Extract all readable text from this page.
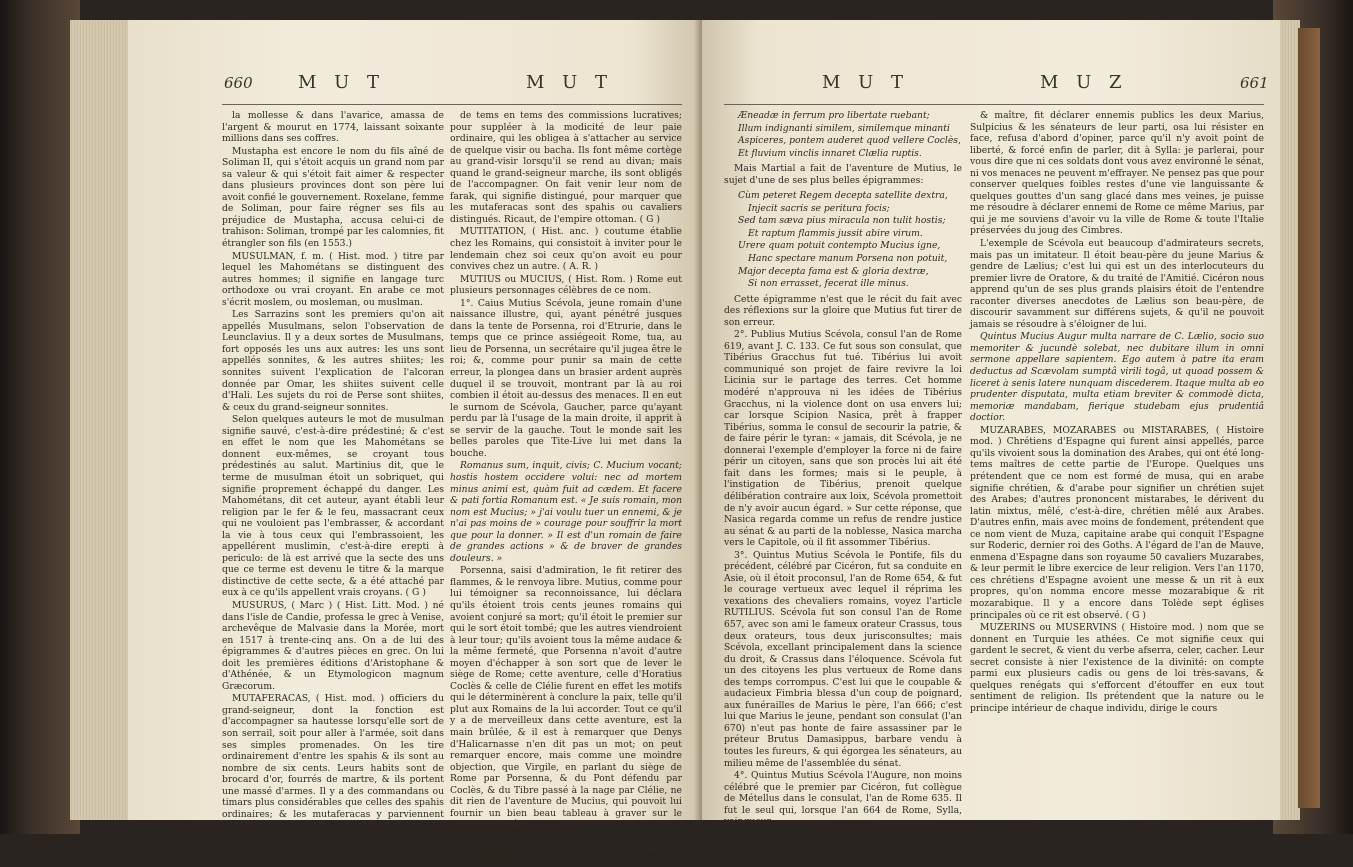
660	M U T	M U T

la mollesse & dans l'avarice, amassa de l'argent & mourut en 1774, laissant soixante millions dans ses coffres.

Mustapha est encore le nom du fils aîné de Soliman II, qui s'étoit acquis un grand nom par sa valeur & qui s'étoit fait aimer & respecter dans plusieurs provinces dont son père lui avoit confié le gouvernement. Roxelane, femme de Soliman, pour faire régner ses fils au préjudice de Mustapha, accusa celui-ci de trahison: Soliman, trompé par les calomnies, fit étrangler son fils (en 1553.)

MUSULMAN, f. m. ( Hist. mod. ) titre par lequel les Mahométans se distinguent des autres hommes; il signifie en langage turc orthodoxe ou vrai croyant. En arabe ce mot s'écrit moslem, ou mosleman, ou muslman.

Les Sarrazins sont les premiers qu'on ait appellés Musulmans, selon l'observation de Leunclavius. Il y a deux sortes de Musulmans, fort opposés les uns aux autres: les uns sont appellés sonnites, & les autres shiites; les sonnites suivent l'explication de l'alcoran donnée par Omar, les shiites suivent celle d'Hali. Les sujets du roi de Perse sont shiites, & ceux du grand-seigneur sonnites.

Selon quelques auteurs le mot de musulman signifie sauvé, c'est-à-dire prédestiné; & c'est en effet le nom que les Mahométans se donnent eux-mêmes, se croyant tous prédestinés au salut. Martinius dit, que le terme de musulman étoit un sobriquet, qui signifie proprement échappé du danger. Les Mahométans, dit cet auteur, ayant établi leur religion par le fer & le feu, massacrant ceux qui ne vouloient pas l'embrasser, & accordant la vie à tous ceux qui l'embrassoient, les appellérent muslimin, c'est-à-dire erepti à periculo: de là est arrivé que la secte des uns que ce terme est devenu le titre & la marque distinctive de cette secte, & a été attaché par eux à ce qu'ils appellent vrais croyans. ( G )

MUSURUS, ( Marc ) ( Hist. Litt. Mod. ) né dans l'isle de Candie, professa le grec à Venise, archevêque de Malvasie dans la Morée, mort en 1517 à trente-cinq ans. On a de lui des épigrammes & d'autres pièces en grec. On lui doit les premières éditions d'Aristophane & d'Athénée, & un Etymologicon magnum Græcorum.

MUTAFERACAS, ( Hist. mod. ) officiers du grand-seigneur, dont la fonction est d'accompagner sa hautesse lorsqu'elle sort de son serrail, soit pour aller à l'armée, soit dans ses simples promenades. On les tire ordinairement d'entre les spahis & ils sont au nombre de six cents. Leurs habits sont de brocard d'or, fourrés de martre, & ils portent une massé d'armes. Il y a des commandans ou timars plus considérables que celles des spahis ordinaires; & les mutaferacas y parviennent par droit d'ancienneté: on leur donne

de tems en tems des commissions lucratives; pour suppléer à la modicité de leur paie ordinaire, qui les obligea à s'attacher au service de quelque visir ou bacha. Ils font même cortège au grand-visir lorsqu'il se rend au divan; mais quand le grand-seigneur marche, ils sont obligés de l'accompagner. On fait venir leur nom de farak, qui signifie distingué, pour marquer que les mutaferacas sont des spahis ou cavaliers distingués. Ricaut, de l'empire ottoman. ( G )

MUTITATION, ( Hist. anc. ) coutume établie chez les Romains, qui consistoit à inviter pour le lendemain chez soi ceux qu'on avoit eu pour convives chez un autre. ( A. R. )

MUTIUS ou MUCIUS, ( Hist. Rom. ) Rome eut plusieurs personnages célèbres de ce nom.

1°. Caius Mutius Scévola, jeune romain d'une naissance illustre, qui, ayant pénétré jusques dans la tente de Porsenna, roi d'Etrurie, dans le temps que ce prince assiégeoit Rome, tua, au lieu de Porsenna, un secrétaire qu'il jugea être le roi; &, comme pour punir sa main de cette erreur, la plongea dans un brasier ardent auprès duquel il se trouvoit, montrant par là au roi combien il étoit au-dessus des menaces. Il en eut le surnom de Scévola, Gaucher, parce qu'ayant perdu par là l'usage de la main droite, il apprit à se servir de la gauche. Tout le monde sait les belles paroles que Tite-Live lui met dans la bouche.

Romanus sum, inquit, civis; C. Mucium vocant; hostis hostem occidere volui: nec ad mortem minus animi est, quàm fuit ad cædem. Et facere & pati fortia Romanum est. « Je suis romain, mon nom est Mucius; » j'ai voulu tuer un ennemi, & je n'ai pas moins de » courage pour souffrir la mort que pour la donner. » Il est d'un romain de faire de grandes actions » & de braver de grandes douleurs. »

Porsenna, saisi d'admiration, le fit retirer des flammes, & le renvoya libre. Mutius, comme pour lui témoigner sa reconnoissance, lui déclara qu'ils étoient trois cents jeunes romains qui avoient conjuré sa mort; qu'il étoit le premier sur qui le sort étoit tombé; que les autres viendroient à leur tour; qu'ils avoient tous la même audace & la même fermeté, que Porsenna n'avoit d'autre moyen d'échapper à son sort que de lever le siège de Rome; cette aventure, celle d'Horatius Coclès & celle de Clélie furent en effet les motifs qui le déterminèrent à conclure la paix, telle qu'il plut aux Romains de la lui accorder. Tout ce qu'il y a de merveilleux dans cette aventure, est la main brûlée, & il est à remarquer que Denys d'Halicarnasse n'en dit pas un mot; on peut remarquer encore, mais comme une moindre objection, que Virgile, en parlant du siège de Rome par Porsenna, & du Pont défendu par Coclès, & du Tibre passé à la nage par Clélie, ne dit rien de l'aventure de Mucius, qui pouvoit lui fournir un bien beau tableau à graver sur le bouclier d'Enée:

Nec non Tarquinium ejectum Porsenna jubebat Accipere, ingentique urbem obsidione premebat,

M U T	M U Z	661

Æneadæ in ferrum pro libertate ruebant;

Illum indignanti similem, similemque minanti

Aspiceres, pontem auderet quod vellere Coclès,

Et fluvium vinclis innaret Clælia ruptis.

Mais Martial a fait de l'aventure de Mutius, le sujet d'une de ses plus belles épigrammes:

Cùm peteret Regem decepta satellite dextra,

Injecit sacris se peritura focis;

Sed tam sæva pius miracula non tulit hostis;

Et raptum flammis jussit abire virum.

Urere quam potuit contempto Mucius igne,

Hanc spectare manum Porsena non potuit,

Major decepta fama est & gloria dextræ,

Si non errasset, fecerat ille minus.

Cette épigramme n'est que le récit du fait avec des réflexions sur la gloire que Mutius fut tirer de son erreur.

2°. Publius Mutius Scévola, consul l'an de Rome 619, avant J. C. 133. Ce fut sous son consulat, que Tibérius Gracchus fut tué. Tibérius lui avoit communiqué son projet de faire revivre la loi Licinia sur le partage des terres. Cet homme modéré n'approuva ni les idées de Tibérius Gracchus, ni la violence dont on usa envers lui; car lorsque Scipion Nasica, prêt à frapper Tibérius, somma le consul de secourir la patrie, & de faire périr le tyran: « jamais, dit Scévola, je ne donnerai l'exemple d'employer la force ni de faire périr un citoyen, sans que son procès lui ait été fait dans les formes; mais si le peuple, à l'instigation de Tibérius, prenoit quelque délibération contraire aux loix, Scévola promettoit de n'y avoir aucun égard. » Sur cette réponse, que Nasica regarda comme un refus de rendre justice au sénat & au parti de la noblesse, Nasica marcha vers le Capitole, où il fit assommer Tibérius.

3°. Quintus Mutius Scévola le Pontife, fils du précédent, célébré par Cicéron, fut sa conduite en Asie, où il étoit proconsul, l'an de Rome 654, & fut le courage vertueux avec lequel il réprima les vexations des chevaliers romains, voyez l'article RUTILIUS. Scévola fut son consul l'an de Rome 657, avec son ami le fameux orateur Crassus, tous deux orateurs, tous deux jurisconsultes; mais Scévola, excellant principalement dans la science du droit, & Crassus dans l'éloquence. Scévola fut un des citoyens les plus vertueux de Rome dans des temps corrompus. C'est lui que le coupable & audacieux Fimbria blessa d'un coup de poignard, aux funérailles de Marius le père, l'an 666; c'est lui que Marius le jeune, pendant son consulat (l'an 670) n'eut pas honte de faire assassiner par le préteur Brutus Damasippus, barbare vendu à toutes les fureurs, & qui égorgea les sénateurs, au milieu même de l'assemblée du sénat.

4°. Quintus Mutius Scévola l'Augure, non moins célébré que le premier par Cicéron, fut collègue de Métellus dans le consulat, l'an de Rome 635. Il fut le seul qui, lorsque l'an 664 de Rome, Sylla, vainqueur

& maître, fit déclarer ennemis publics les deux Marius, Sulpicius & les sénateurs de leur parti, osa lui résister en face, refusa d'abord d'opiner, parce qu'il n'y avoit point de liberté, & forcé enfin de parler, dit à Sylla: je parlerai, pour vous dire que ni ces soldats dont vous avez environné le sénat, ni vos menaces ne peuvent m'effrayer. Ne pensez pas que pour conserver quelques foibles restes d'une vie languissante & quelques gouttes d'un sang glacé dans mes veines, je puisse me résoudre à déclarer ennemi de Rome ce même Marius, par qui je me souviens d'avoir vu la ville de Rome & toute l'Italie préservées du joug des Cimbres.

L'exemple de Scévola eut beaucoup d'admirateurs secrets, mais pas un imitateur. Il étoit beau-père du jeune Marius & gendre de Lælius; c'est lui qui est un des interlocuteurs du premier livre de Oratore, & du traité de l'Amitié. Cicéron nous apprend qu'un de ses plus grands plaisirs étoit de l'entendre raconter diverses anecdotes de Lælius son beau-père, de discourir savamment sur différens sujets, & qu'il ne pouvoit jamais se résoudre à s'éloigner de lui.

Quintus Mucius Augur multa narrare de C. Lælio, socio suo memoriter & jucundè solebat, nec dubitare illum in omni sermone appellare sapientem. Ego autem à patre ita eram deductus ad Scævolam sumptâ virili togâ, ut quoad possem & liceret à senis latere nunquam discederem. Itaque multa ab eo prudenter disputata, multa etiam breviter & commodè dicta, memoriæ mandabam, fierique studebam ejus prudentiâ doctior.

MUZARABES, MOZARABES ou MISTARABES, ( Histoire mod. ) Chrétiens d'Espagne qui furent ainsi appellés, parce qu'ils vivoient sous la domination des Arabes, qui ont été long-tems maîtres de cette partie de l'Europe. Quelques uns prétendent que ce nom est formé de musa, qui en arabe signifie chrétien, & d'arabe pour signifier un chrétien sujet des Arabes; d'autres prononcent mistarabes, le dérivent du latin mixtus, mêlé, c'est-à-dire, chrétien mêlé aux Arabes. D'autres enfin, mais avec moins de fondement, prétendent que ce nom vient de Muza, capitaine arabe qui conquit l'Espagne sur Roderic, dernier roi des Goths. A l'égard de l'an de Mauve, enmena d'Espagne dans son royaume 50 cavaliers Muzarabes, & leur permit le libre exercice de leur religion. Vers l'an 1170, ces chrétiens d'Espagne avoient une messe & un rit à eux propres, qu'on nomma encore messe mozarabique & rit mozarabique. Il y a encore dans Tolède sept églises principales où ce rit est observé. ( G )

MUZERINS ou MUSERVINS ( Histoire mod. ) nom que se donnent en Turquie les athées. Ce mot signifie ceux qui gardent le secret, & vient du verbe afserra, celer, cacher. Leur secret consiste à nier l'existence de la divinité: on compte parmi eux plusieurs cadis ou gens de loi très-savans, & quelques renégats qui s'efforcent d'étouffer en eux tout sentiment de religion. Ils prétendent que la nature ou le principe intérieur de chaque individu, dirige le cours
